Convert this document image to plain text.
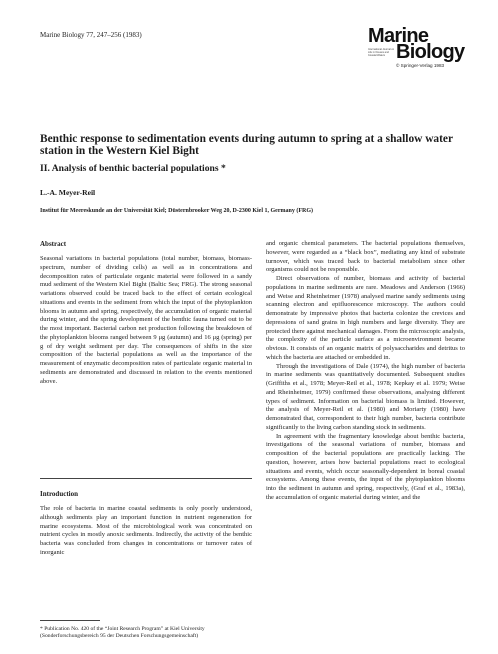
Marine Biology 77, 247–256 (1983)	Marine
International Journal on Life in Oceans and Coastal Waters Biology
© Springer-Verlag 1983
Benthic response to sedimentation events during autumn to spring at a shallow water station in the Western Kiel Bight
II. Analysis of benthic bacterial populations *
L.-A. Meyer-Reil
Institut für Meereskunde an der Universität Kiel; Düsternbrooker Weg 20, D-2300 Kiel 1, Germany (FRG)
Abstract

Seasonal variations in bacterial populations (total number, biomass, biomass-spectrum, number of dividing cells) as well as in concentrations and decomposition rates of particulate organic material were followed in a sandy mud sediment of the Western Kiel Bight (Baltic Sea; FRG). The strong seasonal variations observed could be traced back to the effect of certain ecological situations and events in the sediment from which the input of the phytoplankton blooms in autumn and spring, respectively, the accumulation of organic material during winter, and the spring development of the benthic fauna turned out to be the most important. Bacterial carbon net production following the breakdown of the phytoplankton blooms ranged between 9 μg (autumn) and 16 μg (spring) per g of dry weight sediment per day. The consequences of shifts in the size composition of the bacterial populations as well as the importance of the measurement of enzymatic decomposition rates of particulate organic material in sediments are demonstrated and discussed in relation to the events mentioned above.

Introduction

The role of bacteria in marine coastal sediments is only poorly understood, although sediments play an important function in nutrient regeneration for marine ecosystems. Most of the microbiological work was concentrated on nutrient cycles in mostly anoxic sediments. Indirectly, the activity of the benthic bacteria was concluded from changes in concentrations or turnover rates of inorganic

and organic chemical parameters. The bacterial populations themselves, however, were regarded as a “black box”, mediating any kind of substrate turnover, which was traced back to bacterial metabolism since other organisms could not be responsible.

Direct observations of number, biomass and activity of bacterial populations in marine sediments are rare. Meadows and Anderson (1966) and Weise and Rheinheimer (1978) analysed marine sandy sediments using scanning electron and epifluorescence microscopy. The authors could demonstrate by impressive photos that bacteria colonize the crevices and depressions of sand grains in high numbers and large diversity. They are protected there against mechanical damages. From the microscopic analysis, the complexity of the particle surface as a microenvironment became obvious. It consists of an organic matrix of polysaccharides and detritus to which the bacteria are attached or embedded in.

Through the investigations of Dale (1974), the high number of bacteria in marine sediments was quantitatively documented. Subsequent studies (Griffiths et al., 1978; Meyer-Reil et al., 1978; Kepkay et al. 1979; Weise and Rheinheimer, 1979) confirmed these observations, analysing different types of sediment. Information on bacterial biomass is limited. However, the analysis of Meyer-Reil et al. (1980) and Moriarty (1980) have demonstrated that, correspondent to their high number, bacteria contribute significantly to the living carbon standing stock in sediments.

In agreement with the fragmentary knowledge about benthic bacteria, investigations of the seasonal variations of number, biomass and composition of the bacterial populations are practically lacking. The question, however, arises how bacterial populations react to ecological situations and events, which occur seasonally-dependent in boreal coastal ecosystems. Among these events, the input of the phytoplankton blooms into the sediment in autumn and spring, respectively, (Graf et al., 1983a), the accumulation of organic material during winter, and the

* Publication No. 420 of the “Joint Research Program” at Kiel University (Sonderforschungsbereich 95 der Deutschen Forschungsgemeinschaft)
